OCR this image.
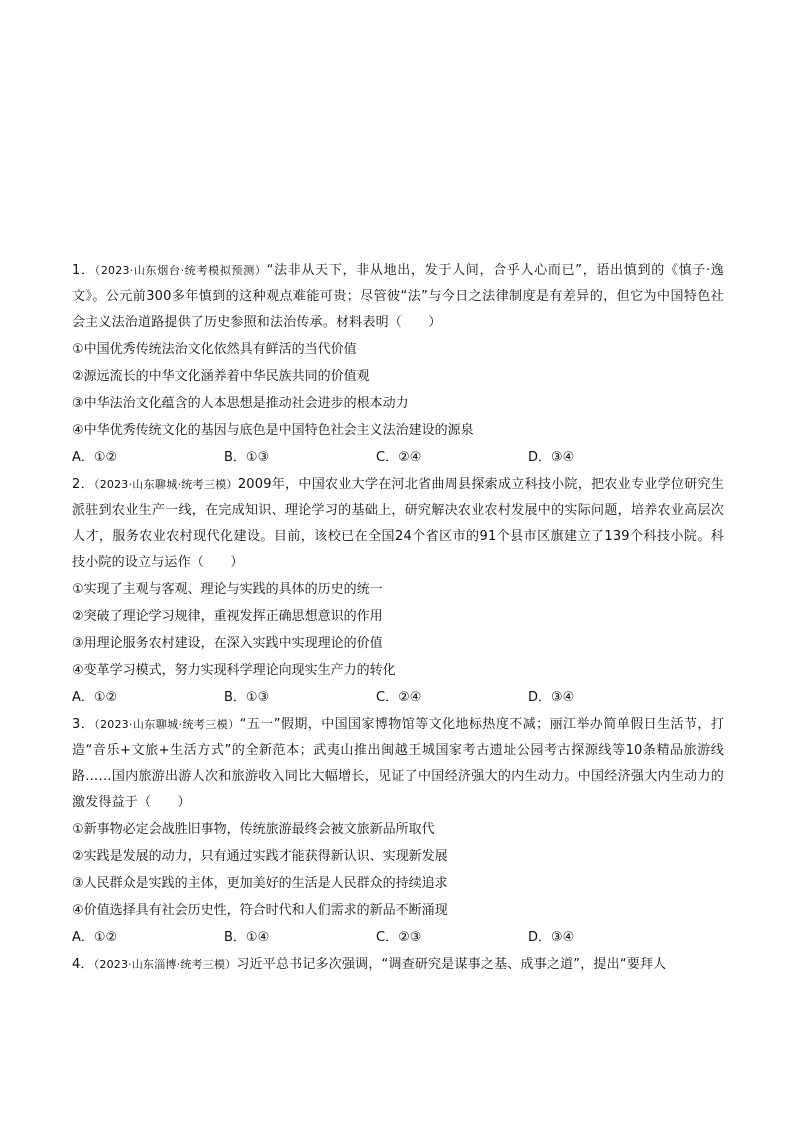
1．（2023·山东烟台·统考模拟预测）“法非从天下，非从地出，发于人间，合乎人心而已”，语出慎到的《慎子·逸文》。公元前300多年慎到的这种观点难能可贵；尽管彼“法”与今日之法律制度是有差异的，但它为中国特色社会主义法治道路提供了历史参照和法治传承。材料表明（　　）

①中国优秀传统法治文化依然具有鲜活的当代价值

②源远流长的中华文化涵养着中华民族共同的价值观

③中华法治文化蕴含的人本思想是推动社会进步的根本动力

④中华优秀传统文化的基因与底色是中国特色社会主义法治建设的源泉

A．①②	B．①③	C．②④	D．③④

2．（2023·山东聊城·统考三模）2009年，中国农业大学在河北省曲周县探索成立科技小院，把农业专业学位研究生派驻到农业生产一线，在完成知识、理论学习的基础上，研究解决农业农村发展中的实际问题，培养农业高层次人才，服务农业农村现代化建设。目前，该校已在全国24个省区市的91个县市区旗建立了139个科技小院。科技小院的设立与运作（　　）

①实现了主观与客观、理论与实践的具体的历史的统一

②突破了理论学习规律，重视发挥正确思想意识的作用

③用理论服务农村建设，在深入实践中实现理论的价值

④变革学习模式，努力实现科学理论向现实生产力的转化

A．①②	B．①③	C．②④	D．③④

3．（2023·山东聊城·统考三模）“五一”假期，中国国家博物馆等文化地标热度不减；丽江举办简单假日生活节，打造“音乐+文旅+生活方式”的全新范本；武夷山推出闽越王城国家考古遗址公园考古探源线等10条精品旅游线路……国内旅游出游人次和旅游收入同比大幅增长，见证了中国经济强大的内生动力。中国经济强大内生动力的激发得益于（　　）

①新事物必定会战胜旧事物，传统旅游最终会被文旅新品所取代

②实践是发展的动力，只有通过实践才能获得新认识、实现新发展

③人民群众是实践的主体，更加美好的生活是人民群众的持续追求

④价值选择具有社会历史性，符合时代和人们需求的新品不断涌现

A．①②	B．①④	C．②③	D．③④

4．（2023·山东淄博·统考三模）习近平总书记多次强调，“调查研究是谋事之基、成事之道”，提出“要拜人
